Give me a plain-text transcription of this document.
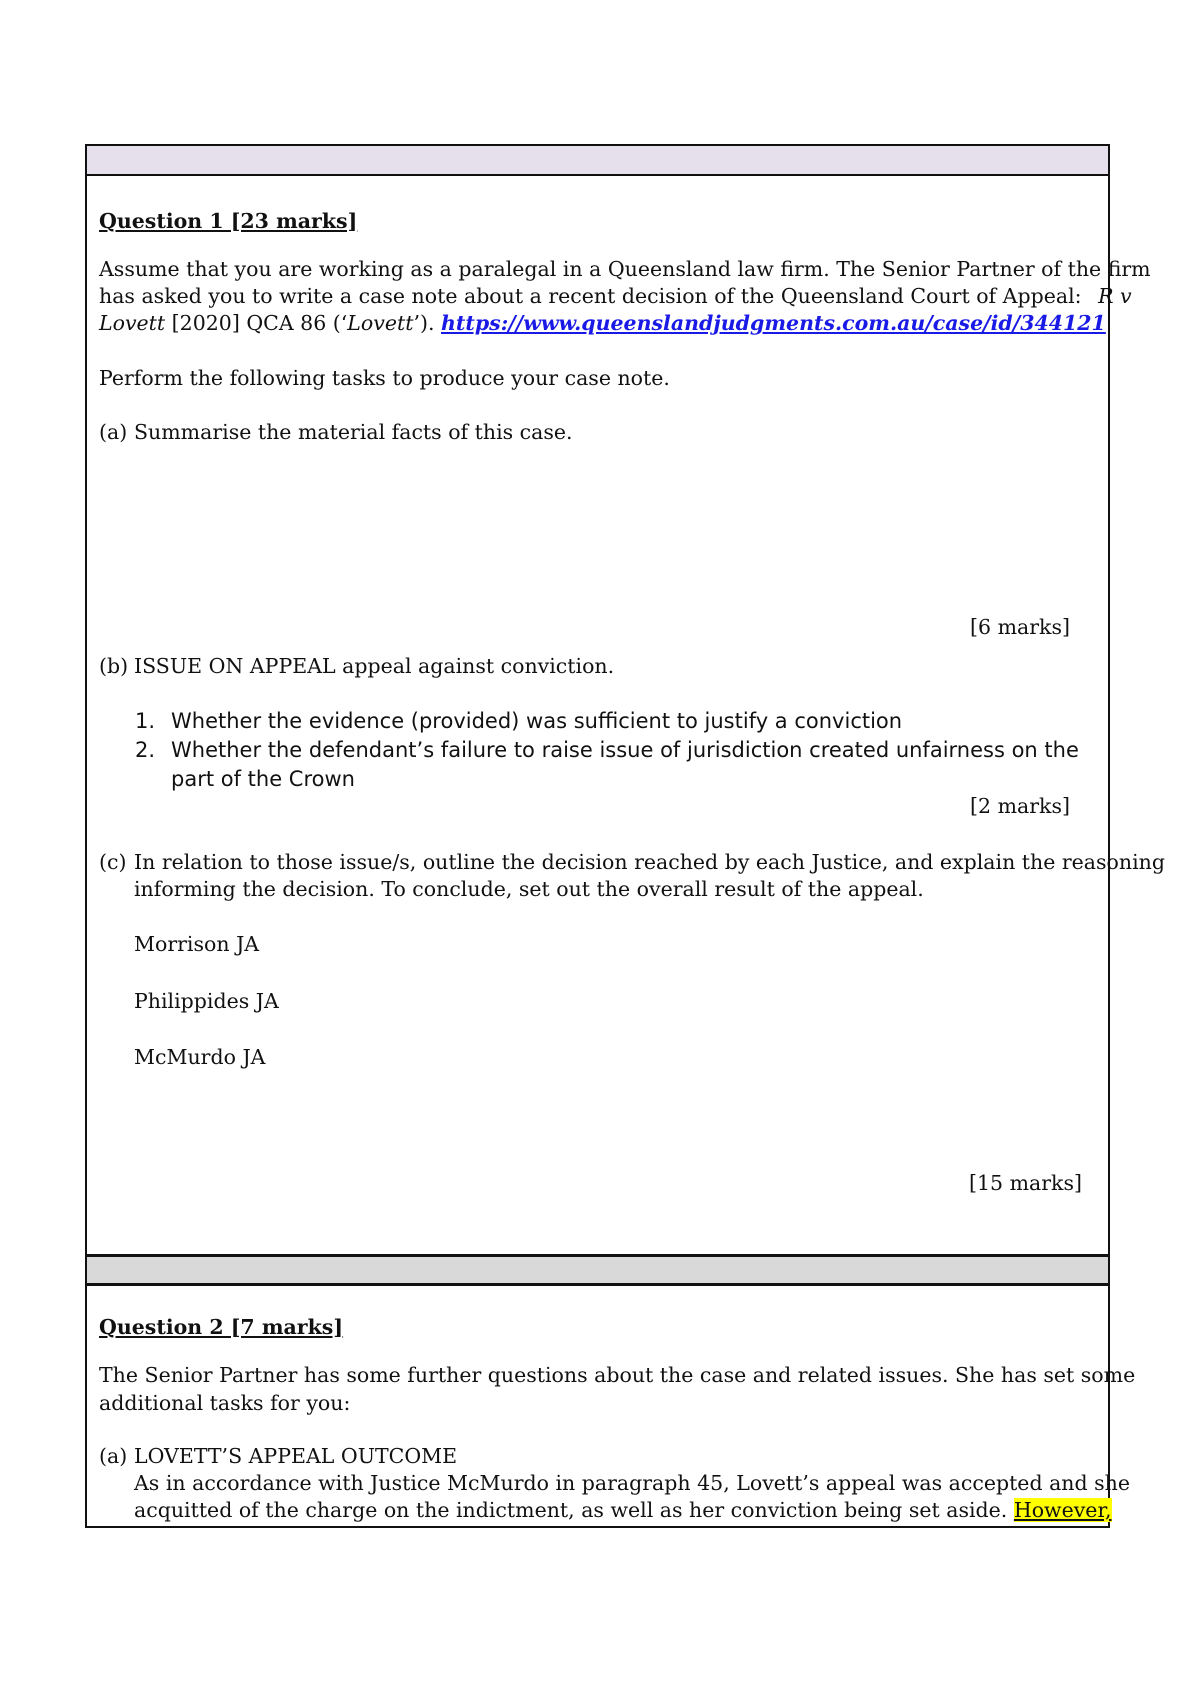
Question 1 [23 marks]
Assume that you are working as a paralegal in a Queensland law firm. The Senior Partner of the firm
has asked you to write a case note about a recent decision of the Queensland Court of Appeal: R v
Lovett [2020] QCA 86 (‘Lovett’). https://www.queenslandjudgments.com.au/case/id/344121
Perform the following tasks to produce your case note.
(a) Summarise the material facts of this case.
[6 marks]
(b) ISSUE ON APPEAL appeal against conviction.
1. Whether the evidence (provided) was sufficient to justify a conviction
2. Whether the defendant’s failure to raise issue of jurisdiction created unfairness on the
part of the Crown
[2 marks]
(c) In relation to those issue/s, outline the decision reached by each Justice, and explain the reasoning
informing the decision. To conclude, set out the overall result of the appeal.
Morrison JA
Philippides JA
McMurdo JA
[15 marks]
Question 2 [7 marks]
The Senior Partner has some further questions about the case and related issues. She has set some
additional tasks for you:
(a) LOVETT’S APPEAL OUTCOME
As in accordance with Justice McMurdo in paragraph 45, Lovett’s appeal was accepted and she
acquitted of the charge on the indictment, as well as her conviction being set aside. However,
